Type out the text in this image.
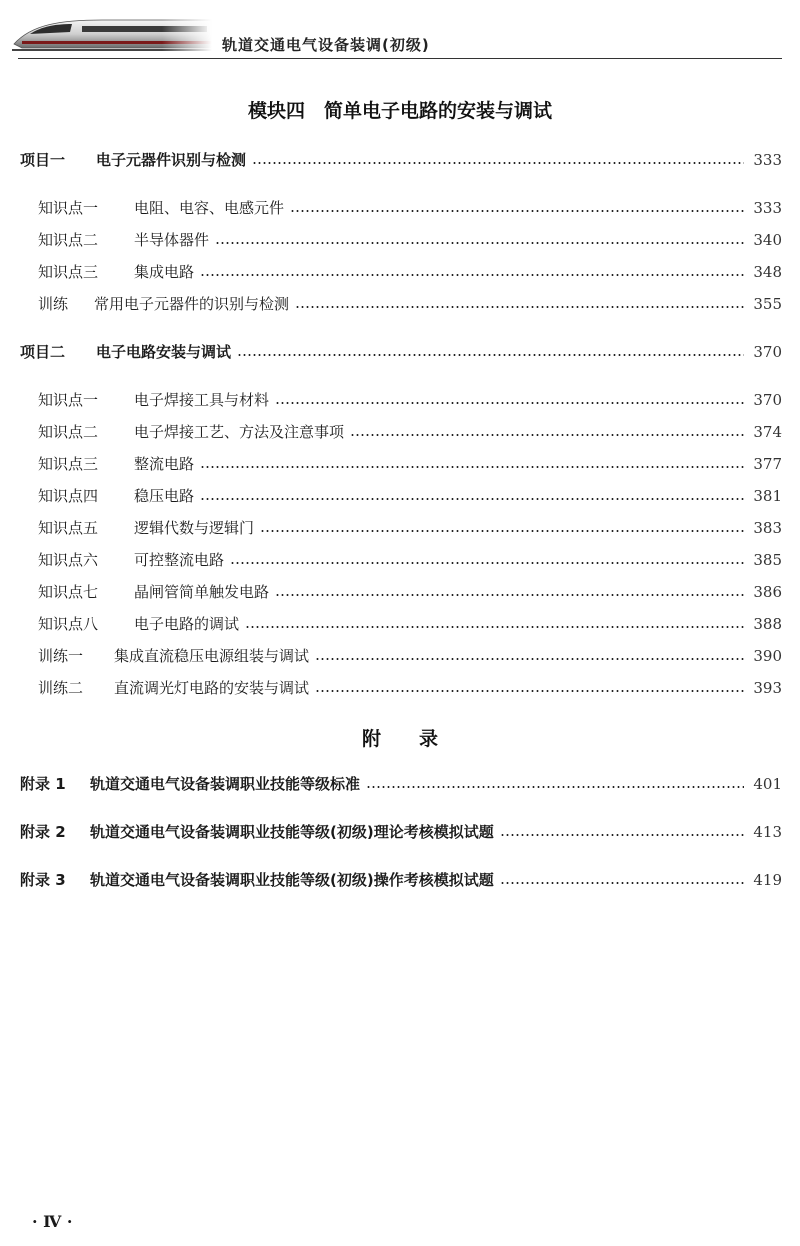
轨道交通电气设备装调(初级)
模块四　简单电子电路的安装与调试
项目一	电子元器件识别与检测	333
知识点一	电阻、电容、电感元件	333
知识点二	半导体器件	340
知识点三	集成电路	348
训练	常用电子元器件的识别与检测	355
项目二	电子电路安装与调试	370
知识点一	电子焊接工具与材料	370
知识点二	电子焊接工艺、方法及注意事项	374
知识点三	整流电路	377
知识点四	稳压电路	381
知识点五	逻辑代数与逻辑门	383
知识点六	可控整流电路	385
知识点七	晶闸管简单触发电路	386
知识点八	电子电路的调试	388
训练一	集成直流稳压电源组装与调试	390
训练二	直流调光灯电路的安装与调试	393
附　　录
附录 1	轨道交通电气设备装调职业技能等级标准	401
附录 2	轨道交通电气设备装调职业技能等级(初级)理论考核模拟试题	413
附录 3	轨道交通电气设备装调职业技能等级(初级)操作考核模拟试题	419
· Ⅳ ·
